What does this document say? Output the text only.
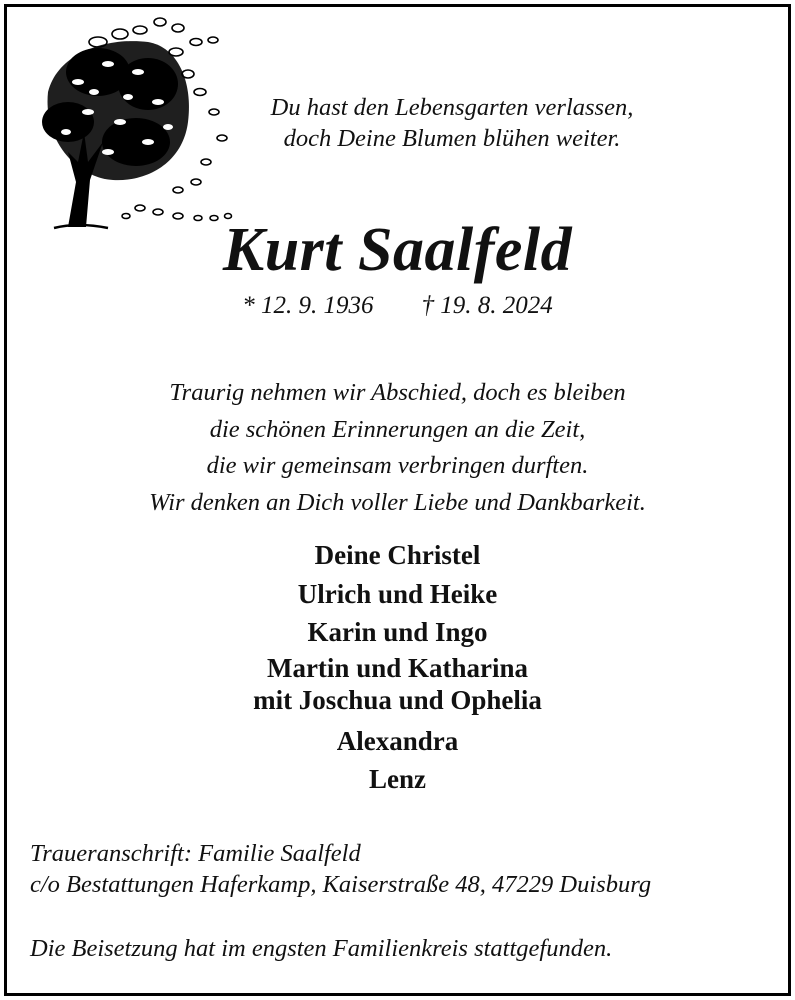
Du hast den Lebensgarten verlassen,
doch Deine Blumen blühen weiter.
Kurt Saalfeld
* 12. 9. 1936 † 19. 8. 2024
Traurig nehmen wir Abschied, doch es bleiben
die schönen Erinnerungen an die Zeit,
die wir gemeinsam verbringen durften.
Wir denken an Dich voller Liebe und Dankbarkeit.
Deine Christel
Ulrich und Heike
Karin und Ingo
Martin und Katharina
mit Joschua und Ophelia
Alexandra
Lenz
Traueranschrift: Familie Saalfeld
c/o Bestattungen Haferkamp, Kaiserstraße 48, 47229 Duisburg
Die Beisetzung hat im engsten Familienkreis stattgefunden.
